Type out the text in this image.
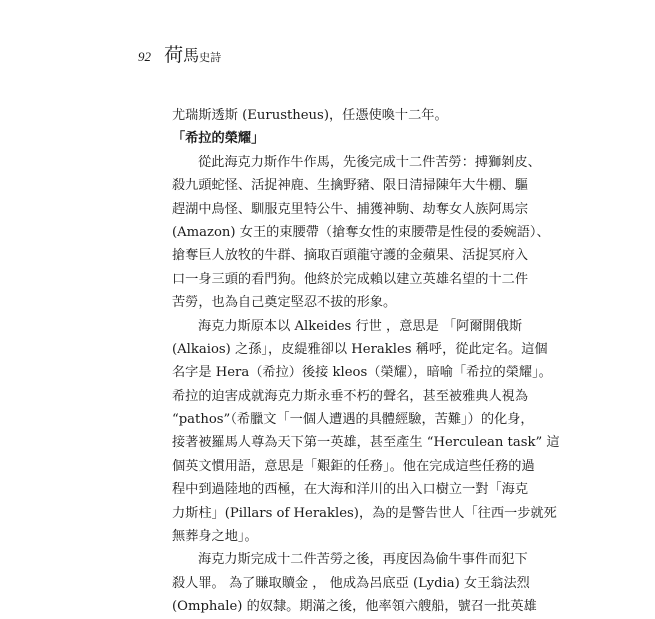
92 荷馬史詩
尤瑞斯透斯 (Eurustheus)，任憑使喚十二年。
「希拉的榮耀」
從此海克力斯作牛作馬，先後完成十二件苦勞：搏獅剝皮、
殺九頭蛇怪、活捉神鹿、生擒野豬、限日清掃陳年大牛棚、驅
趕湖中鳥怪、馴服克里特公牛、捕獲神駒、劫奪女人族阿馬宗
(Amazon) 女王的束腰帶（搶奪女性的束腰帶是性侵的委婉語）、
搶奪巨人放牧的牛群、摘取百頭龍守護的金蘋果、活捉冥府入
口一身三頭的看門狗。他終於完成賴以建立英雄名望的十二件
苦勞，也為自己奠定堅忍不拔的形象。
海克力斯原本以 Alkeides 行世 ，意思是 「阿爾開俄斯
(Alkaios) 之孫」，皮緹雅卻以 Herakles 稱呼，從此定名。這個
名字是 Hera（希拉）後接 kleos（榮耀），暗喻「希拉的榮耀」。
希拉的迫害成就海克力斯永垂不朽的聲名，甚至被雅典人視為
“pathos”（希臘文「一個人遭遇的具體經驗，苦難」）的化身，
接著被羅馬人尊為天下第一英雄，甚至產生 “Herculean task” 這
個英文慣用語，意思是「艱鉅的任務」。他在完成這些任務的過
程中到過陸地的西極，在大海和洋川的出入口樹立一對「海克
力斯柱」(Pillars of Herakles)，為的是警告世人「往西一步就死
無葬身之地」。
海克力斯完成十二件苦勞之後，再度因為偷牛事件而犯下
殺人罪。 為了賺取贖金 ， 他成為呂底亞 (Lydia) 女王翁法烈
(Omphale) 的奴隸。期滿之後，他率領六艘船，號召一批英雄
